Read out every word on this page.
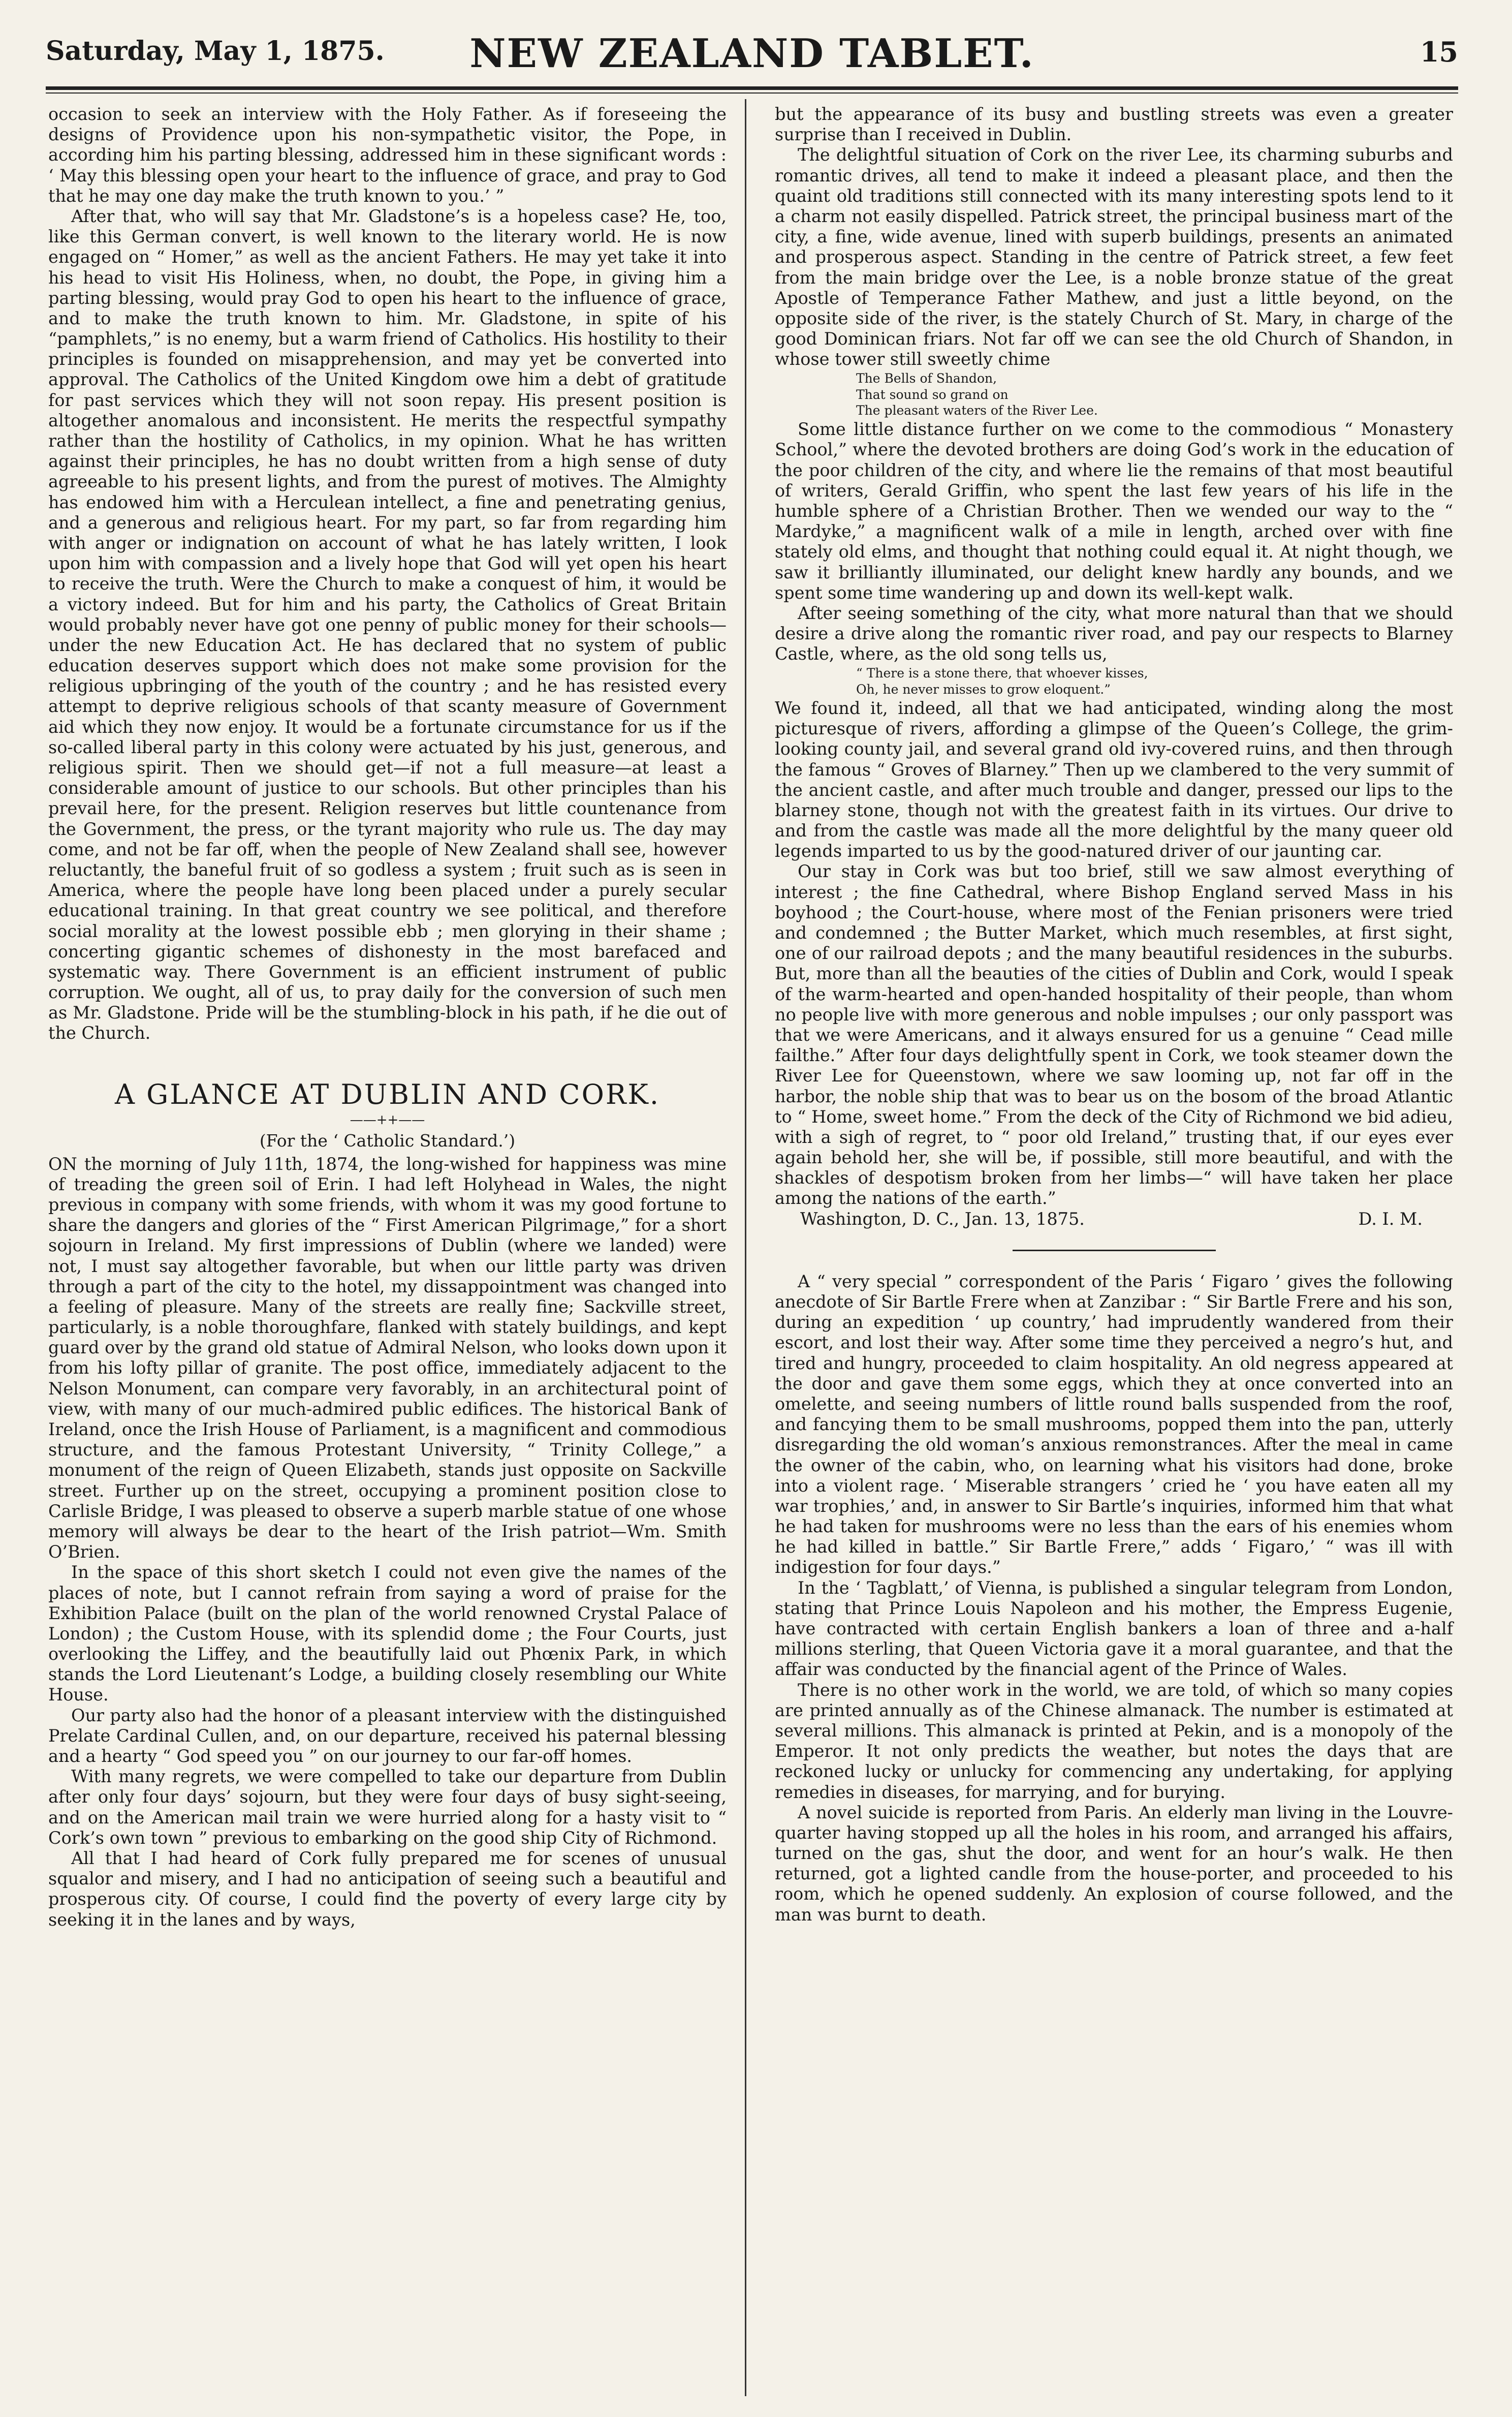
Saturday, May 1, 1875.	NEW ZEALAND TABLET.	15

occasion to seek an interview with the Holy Father. As if foreseeing the designs of Providence upon his non-sympathetic visitor, the Pope, in according him his parting blessing, addressed him in these significant words : ‘ May this blessing open your heart to the influence of grace, and pray to God that he may one day make the truth known to you.’ ”

After that, who will say that Mr. Gladstone’s is a hopeless case? He, too, like this German convert, is well known to the literary world. He is now engaged on “ Homer,” as well as the ancient Fathers. He may yet take it into his head to visit His Holiness, when, no doubt, the Pope, in giving him a parting blessing, would pray God to open his heart to the influence of grace, and to make the truth known to him. Mr. Gladstone, in spite of his “pamphlets,” is no enemy, but a warm friend of Catholics. His hostility to their principles is founded on misapprehension, and may yet be converted into approval. The Catholics of the United Kingdom owe him a debt of gratitude for past services which they will not soon repay. His present position is altogether anomalous and inconsistent. He merits the respectful sympathy rather than the hostility of Catholics, in my opinion. What he has written against their principles, he has no doubt written from a high sense of duty agreeable to his present lights, and from the purest of motives. The Almighty has endowed him with a Herculean intellect, a fine and penetrating genius, and a generous and religious heart. For my part, so far from regarding him with anger or indignation on account of what he has lately written, I look upon him with compassion and a lively hope that God will yet open his heart to receive the truth. Were the Church to make a conquest of him, it would be a victory indeed. But for him and his party, the Catholics of Great Britain would probably never have got one penny of public money for their schools—under the new Education Act. He has declared that no system of public education deserves support which does not make some provision for the religious upbringing of the youth of the country ; and he has resisted every attempt to deprive religious schools of that scanty measure of Government aid which they now enjoy. It would be a fortunate circumstance for us if the so-called liberal party in this colony were actuated by his just, generous, and religious spirit. Then we should get—if not a full measure—at least a considerable amount of justice to our schools. But other principles than his prevail here, for the present. Religion reserves but little countenance from the Government, the press, or the tyrant majority who rule us. The day may come, and not be far off, when the people of New Zealand shall see, however reluctantly, the baneful fruit of so godless a system ; fruit such as is seen in America, where the people have long been placed under a purely secular educational training. In that great country we see political, and therefore social morality at the lowest possible ebb ; men glorying in their shame ; concerting gigantic schemes of dishonesty in the most barefaced and systematic way. There Government is an efficient instrument of public corruption. We ought, all of us, to pray daily for the conversion of such men as Mr. Gladstone. Pride will be the stumbling-block in his path, if he die out of the Church.

A GLANCE AT DUBLIN AND CORK.
——++——
(For the ‘ Catholic Standard.’)

ON the morning of July 11th, 1874, the long-wished for happiness was mine of treading the green soil of Erin. I had left Holyhead in Wales, the night previous in company with some friends, with whom it was my good fortune to share the dangers and glories of the “ First American Pilgrimage,” for a short sojourn in Ireland. My first impressions of Dublin (where we landed) were not, I must say altogether favorable, but when our little party was driven through a part of the city to the hotel, my dissappointment was changed into a feeling of pleasure. Many of the streets are really fine; Sackville street, particularly, is a noble thoroughfare, flanked with stately buildings, and kept guard over by the grand old statue of Admiral Nelson, who looks down upon it from his lofty pillar of granite. The post office, immediately adjacent to the Nelson Monument, can compare very favorably, in an architectural point of view, with many of our much-admired public edifices. The historical Bank of Ireland, once the Irish House of Parliament, is a magnificent and commodious structure, and the famous Protestant University, “ Trinity College,” a monument of the reign of Queen Elizabeth, stands just opposite on Sackville street. Further up on the street, occupying a prominent position close to Carlisle Bridge, I was pleased to observe a superb marble statue of one whose memory will always be dear to the heart of the Irish patriot—Wm. Smith O’Brien.

In the space of this short sketch I could not even give the names of the places of note, but I cannot refrain from saying a word of praise for the Exhibition Palace (built on the plan of the world renowned Crystal Palace of London) ; the Custom House, with its splendid dome ; the Four Courts, just overlooking the Liffey, and the beautifully laid out Phœnix Park, in which stands the Lord Lieutenant’s Lodge, a building closely resembling our White House.

Our party also had the honor of a pleasant interview with the distinguished Prelate Cardinal Cullen, and, on our departure, received his paternal blessing and a hearty “ God speed you ” on our journey to our far-off homes.

With many regrets, we were compelled to take our departure from Dublin after only four days’ sojourn, but they were four days of busy sight-seeing, and on the American mail train we were hurried along for a hasty visit to “ Cork’s own town ” previous to embarking on the good ship City of Richmond.

All that I had heard of Cork fully prepared me for scenes of unusual squalor and misery, and I had no anticipation of seeing such a beautiful and prosperous city. Of course, I could find the poverty of every large city by seeking it in the lanes and by ways,

but the appearance of its busy and bustling streets was even a greater surprise than I received in Dublin.

The delightful situation of Cork on the river Lee, its charming suburbs and romantic drives, all tend to make it indeed a pleasant place, and then the quaint old traditions still connected with its many interesting spots lend to it a charm not easily dispelled. Patrick street, the principal business mart of the city, a fine, wide avenue, lined with superb buildings, presents an animated and prosperous aspect. Standing in the centre of Patrick street, a few feet from the main bridge over the Lee, is a noble bronze statue of the great Apostle of Temperance Father Mathew, and just a little beyond, on the opposite side of the river, is the stately Church of St. Mary, in charge of the good Dominican friars. Not far off we can see the old Church of Shandon, in whose tower still sweetly chime

The Bells of Shandon,
That sound so grand on
The pleasant waters of the River Lee.

Some little distance further on we come to the commodious “ Monastery School,” where the devoted brothers are doing God’s work in the education of the poor children of the city, and where lie the remains of that most beautiful of writers, Gerald Griffin, who spent the last few years of his life in the humble sphere of a Christian Brother. Then we wended our way to the “ Mardyke,” a magnificent walk of a mile in length, arched over with fine stately old elms, and thought that nothing could equal it. At night though, we saw it brilliantly illuminated, our delight knew hardly any bounds, and we spent some time wandering up and down its well-kept walk.

After seeing something of the city, what more natural than that we should desire a drive along the romantic river road, and pay our respects to Blarney Castle, where, as the old song tells us,

“ There is a stone there, that whoever kisses,
Oh, he never misses to grow eloquent.”

We found it, indeed, all that we had anticipated, winding along the most picturesque of rivers, affording a glimpse of the Queen’s College, the grim-looking county jail, and several grand old ivy-covered ruins, and then through the famous “ Groves of Blarney.” Then up we clambered to the very summit of the ancient castle, and after much trouble and danger, pressed our lips to the blarney stone, though not with the greatest faith in its virtues. Our drive to and from the castle was made all the more delightful by the many queer old legends imparted to us by the good-natured driver of our jaunting car.

Our stay in Cork was but too brief, still we saw almost everything of interest ; the fine Cathedral, where Bishop England served Mass in his boyhood ; the Court-house, where most of the Fenian prisoners were tried and condemned ; the Butter Market, which much resembles, at first sight, one of our railroad depots ; and the many beautiful residences in the suburbs. But, more than all the beauties of the cities of Dublin and Cork, would I speak of the warm-hearted and open-handed hospitality of their people, than whom no people live with more generous and noble impulses ; our only passport was that we were Americans, and it always ensured for us a genuine “ Cead mille failthe.” After four days delightfully spent in Cork, we took steamer down the River Lee for Queenstown, where we saw looming up, not far off in the harbor, the noble ship that was to bear us on the bosom of the broad Atlantic to “ Home, sweet home.” From the deck of the City of Richmond we bid adieu, with a sigh of regret, to “ poor old Ireland,” trusting that, if our eyes ever again behold her, she will be, if possible, still more beautiful, and with the shackles of despotism broken from her limbs—“ will have taken her place among the nations of the earth.”

D. I. M.
Washington, D. C., Jan. 13, 1875.

A “ very special ” correspondent of the Paris ‘ Figaro ’ gives the following anecdote of Sir Bartle Frere when at Zanzibar : “ Sir Bartle Frere and his son, during an expedition ‘ up country,’ had imprudently wandered from their escort, and lost their way. After some time they perceived a negro’s hut, and tired and hungry, proceeded to claim hospitality. An old negress appeared at the door and gave them some eggs, which they at once converted into an omelette, and seeing numbers of little round balls suspended from the roof, and fancying them to be small mushrooms, popped them into the pan, utterly disregarding the old woman’s anxious remonstrances. After the meal in came the owner of the cabin, who, on learning what his visitors had done, broke into a violent rage. ‘ Miserable strangers ’ cried he ‘ you have eaten all my war trophies,’ and, in answer to Sir Bartle’s inquiries, informed him that what he had taken for mushrooms were no less than the ears of his enemies whom he had killed in battle.” Sir Bartle Frere,” adds ‘ Figaro,’ “ was ill with indigestion for four days.”

In the ‘ Tagblatt,’ of Vienna, is published a singular telegram from London, stating that Prince Louis Napoleon and his mother, the Empress Eugenie, have contracted with certain English bankers a loan of three and a-half millions sterling, that Queen Victoria gave it a moral guarantee, and that the affair was conducted by the financial agent of the Prince of Wales.

There is no other work in the world, we are told, of which so many copies are printed annually as of the Chinese almanack. The number is estimated at several millions. This almanack is printed at Pekin, and is a monopoly of the Emperor. It not only predicts the weather, but notes the days that are reckoned lucky or unlucky for commencing any undertaking, for applying remedies in diseases, for marrying, and for burying.

A novel suicide is reported from Paris. An elderly man living in the Louvre-quarter having stopped up all the holes in his room, and arranged his affairs, turned on the gas, shut the door, and went for an hour’s walk. He then returned, got a lighted candle from the house-porter, and proceeded to his room, which he opened suddenly. An explosion of course followed, and the man was burnt to death.
